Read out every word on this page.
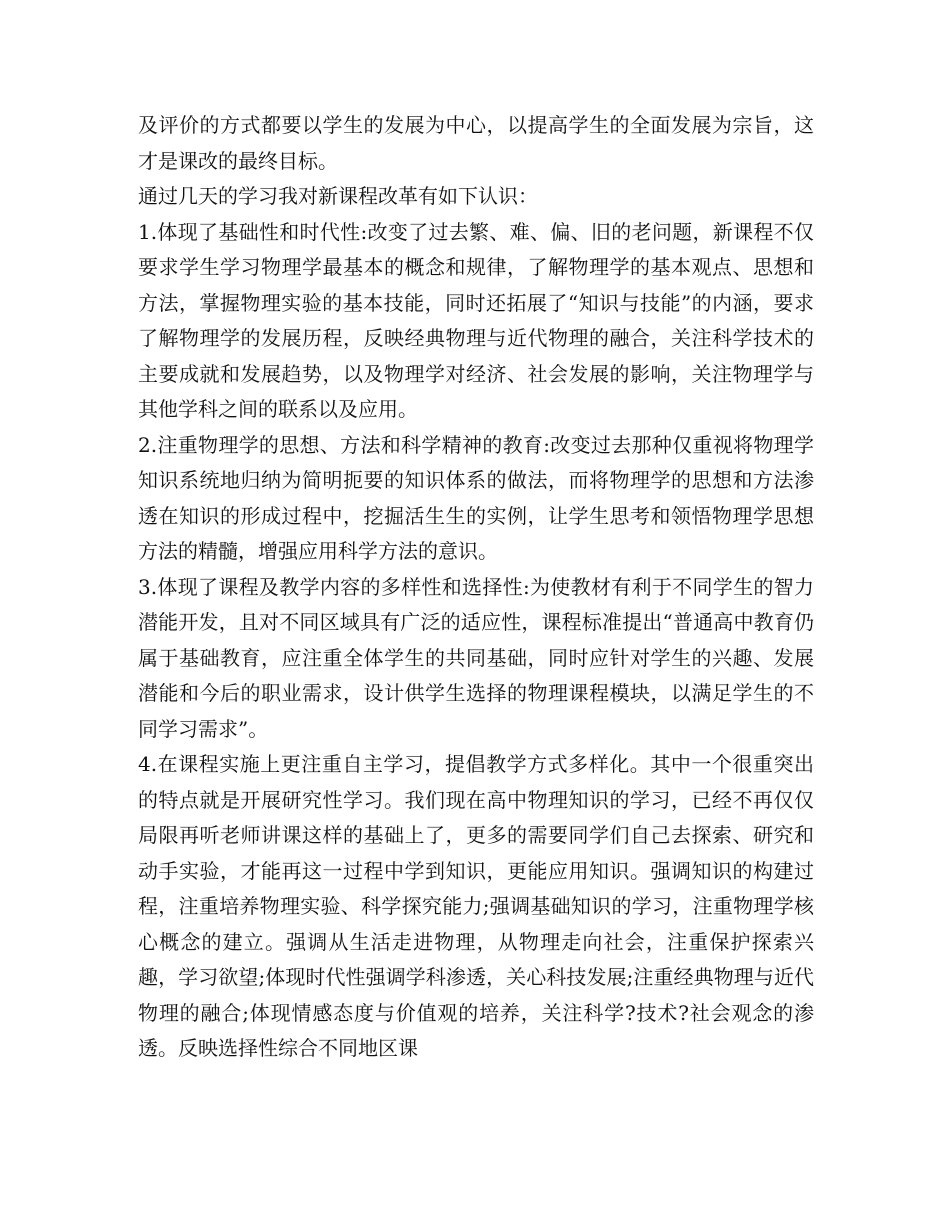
及评价的方式都要以学生的发展为中心，以提高学生的全面发展为宗旨，这才是课改的最终目标。

通过几天的学习我对新课程改革有如下认识：

1.体现了基础性和时代性:改变了过去繁、难、偏、旧的老问题，新课程不仅要求学生学习物理学最基本的概念和规律，了解物理学的基本观点、思想和方法，掌握物理实验的基本技能，同时还拓展了“知识与技能”的内涵，要求了解物理学的发展历程，反映经典物理与近代物理的融合，关注科学技术的主要成就和发展趋势，以及物理学对经济、社会发展的影响，关注物理学与其他学科之间的联系以及应用。

2.注重物理学的思想、方法和科学精神的教育:改变过去那种仅重视将物理学知识系统地归纳为简明扼要的知识体系的做法，而将物理学的思想和方法渗透在知识的形成过程中，挖掘活生生的实例，让学生思考和领悟物理学思想方法的精髓，增强应用科学方法的意识。

3.体现了课程及教学内容的多样性和选择性:为使教材有利于不同学生的智力潜能开发，且对不同区域具有广泛的适应性，课程标准提出“普通高中教育仍属于基础教育，应注重全体学生的共同基础，同时应针对学生的兴趣、发展潜能和今后的职业需求，设计供学生选择的物理课程模块，以满足学生的不同学习需求”。

4.在课程实施上更注重自主学习，提倡教学方式多样化。其中一个很重突出的特点就是开展研究性学习。我们现在高中物理知识的学习，已经不再仅仅局限再听老师讲课这样的基础上了，更多的需要同学们自己去探索、研究和动手实验，才能再这一过程中学到知识，更能应用知识。强调知识的构建过程，注重培养物理实验、科学探究能力;强调基础知识的学习，注重物理学核心概念的建立。强调从生活走进物理，从物理走向社会，注重保护探索兴趣，学习欲望;体现时代性强调学科渗透，关心科技发展;注重经典物理与近代物理的融合;体现情感态度与价值观的培养，关注科学?技术?社会观念的渗透。反映选择性综合不同地区课
